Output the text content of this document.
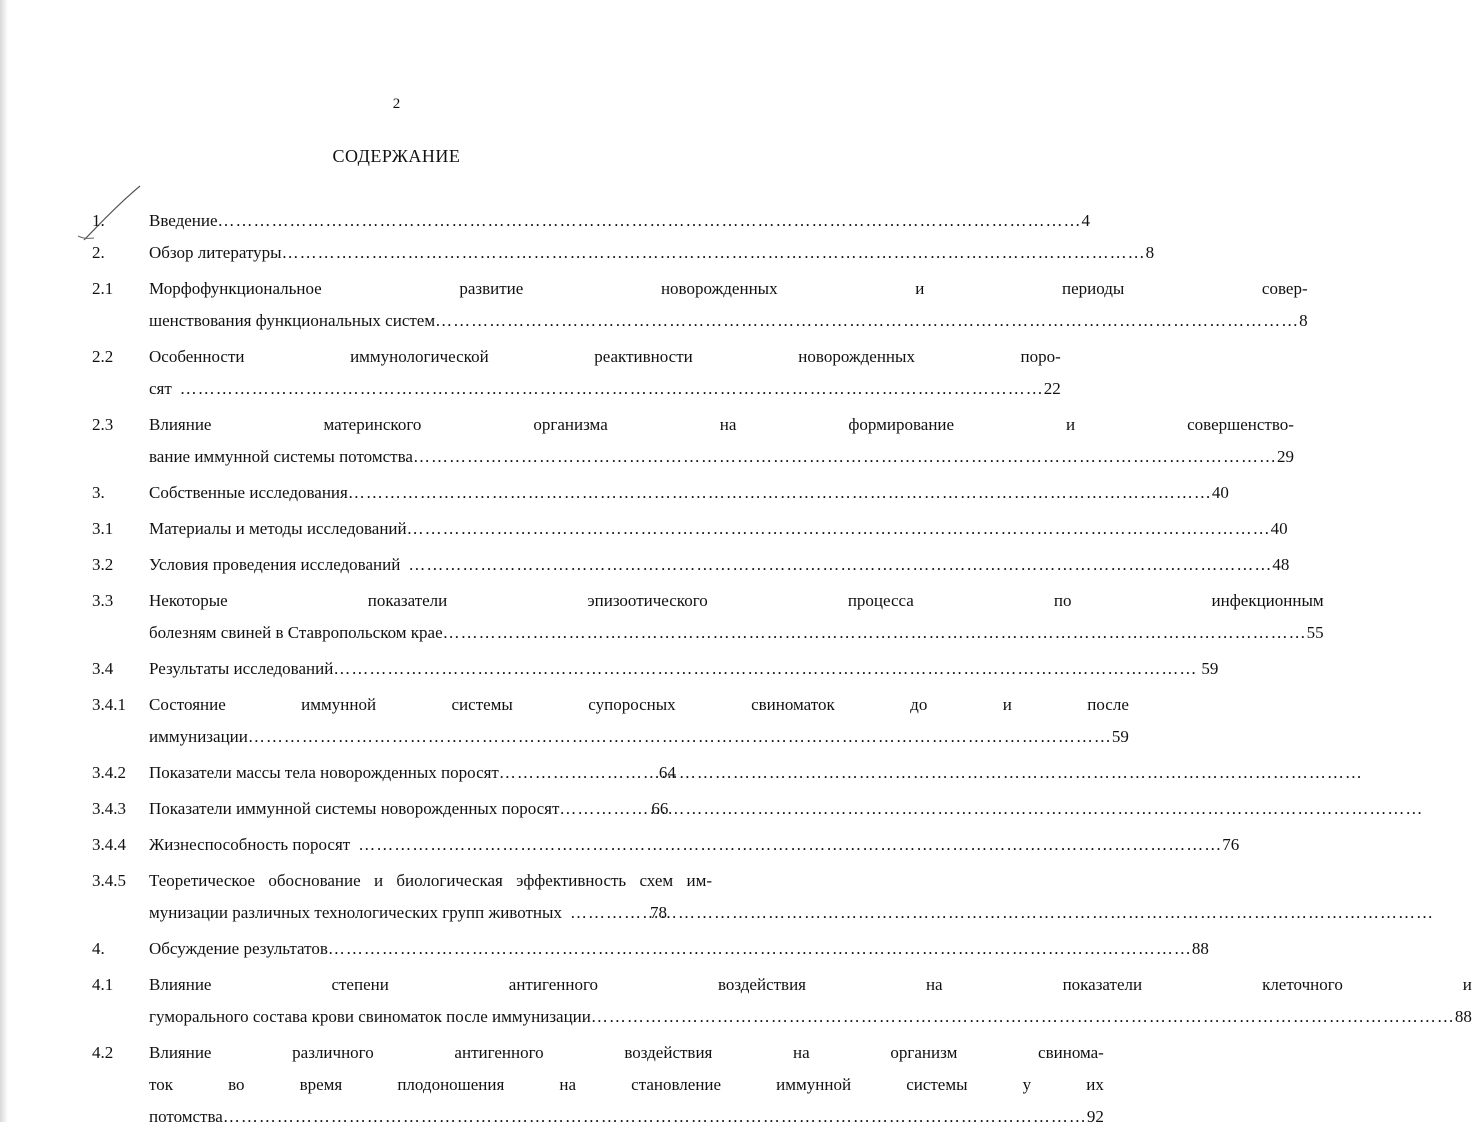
2
СОДЕРЖАНИЕ
1.	Введение ………………………………………………………………………………………………………………………………	4
2.	Обзор литературы ………………………………………………………………………………………………………………………………	8
2.1	Морфофункциональное развитие новорожденных и периоды совер-
шенствования функциональных систем ………………………………………………………………………………………………………………………………	8
2.2	Особенности иммунологической реактивности новорожденных поро-
сят ………………………………………………………………………………………………………………………………	22
2.3	Влияние материнского организма на формирование и совершенство-
вание иммунной системы потомства ………………………………………………………………………………………………………………………………	29
3.	Собственные исследования ………………………………………………………………………………………………………………………………	40
3.1	Материалы и методы исследований ………………………………………………………………………………………………………………………………	40
3.2	Условия проведения исследований ………………………………………………………………………………………………………………………………	48
3.3	Некоторые показатели эпизоотического процесса по инфекционным
болезням свиней в Ставропольском крае ………………………………………………………………………………………………………………………………	55
3.4	Результаты исследований ………………………………………………………………………………………………………………………………	59
3.4.1	Состояние иммунной системы супоросных свиноматок до и после
иммунизации ………………………………………………………………………………………………………………………………	59
3.4.2	Показатели массы тела новорожденных поросят ………………………………………………………………………………………………………………………………	64
3.4.3	Показатели иммунной системы новорожденных поросят ………………………………………………………………………………………………………………………………	66
3.4.4	Жизнеспособность поросят ………………………………………………………………………………………………………………………………	76
3.4.5	Теоретическое обоснование и биологическая эффективность схем им-
мунизации различных технологических групп животных ………………………………………………………………………………………………………………………………	78
4.	Обсуждение результатов ………………………………………………………………………………………………………………………………	88
4.1	Влияние степени антигенного воздействия на показатели клеточного и
гуморального состава крови свиноматок после иммунизации ………………………………………………………………………………………………………………………………	88
4.2	Влияние различного антигенного воздействия на организм свинома-
ток во время плодоношения на становление иммунной системы у их
потомства ………………………………………………………………………………………………………………………………	92
